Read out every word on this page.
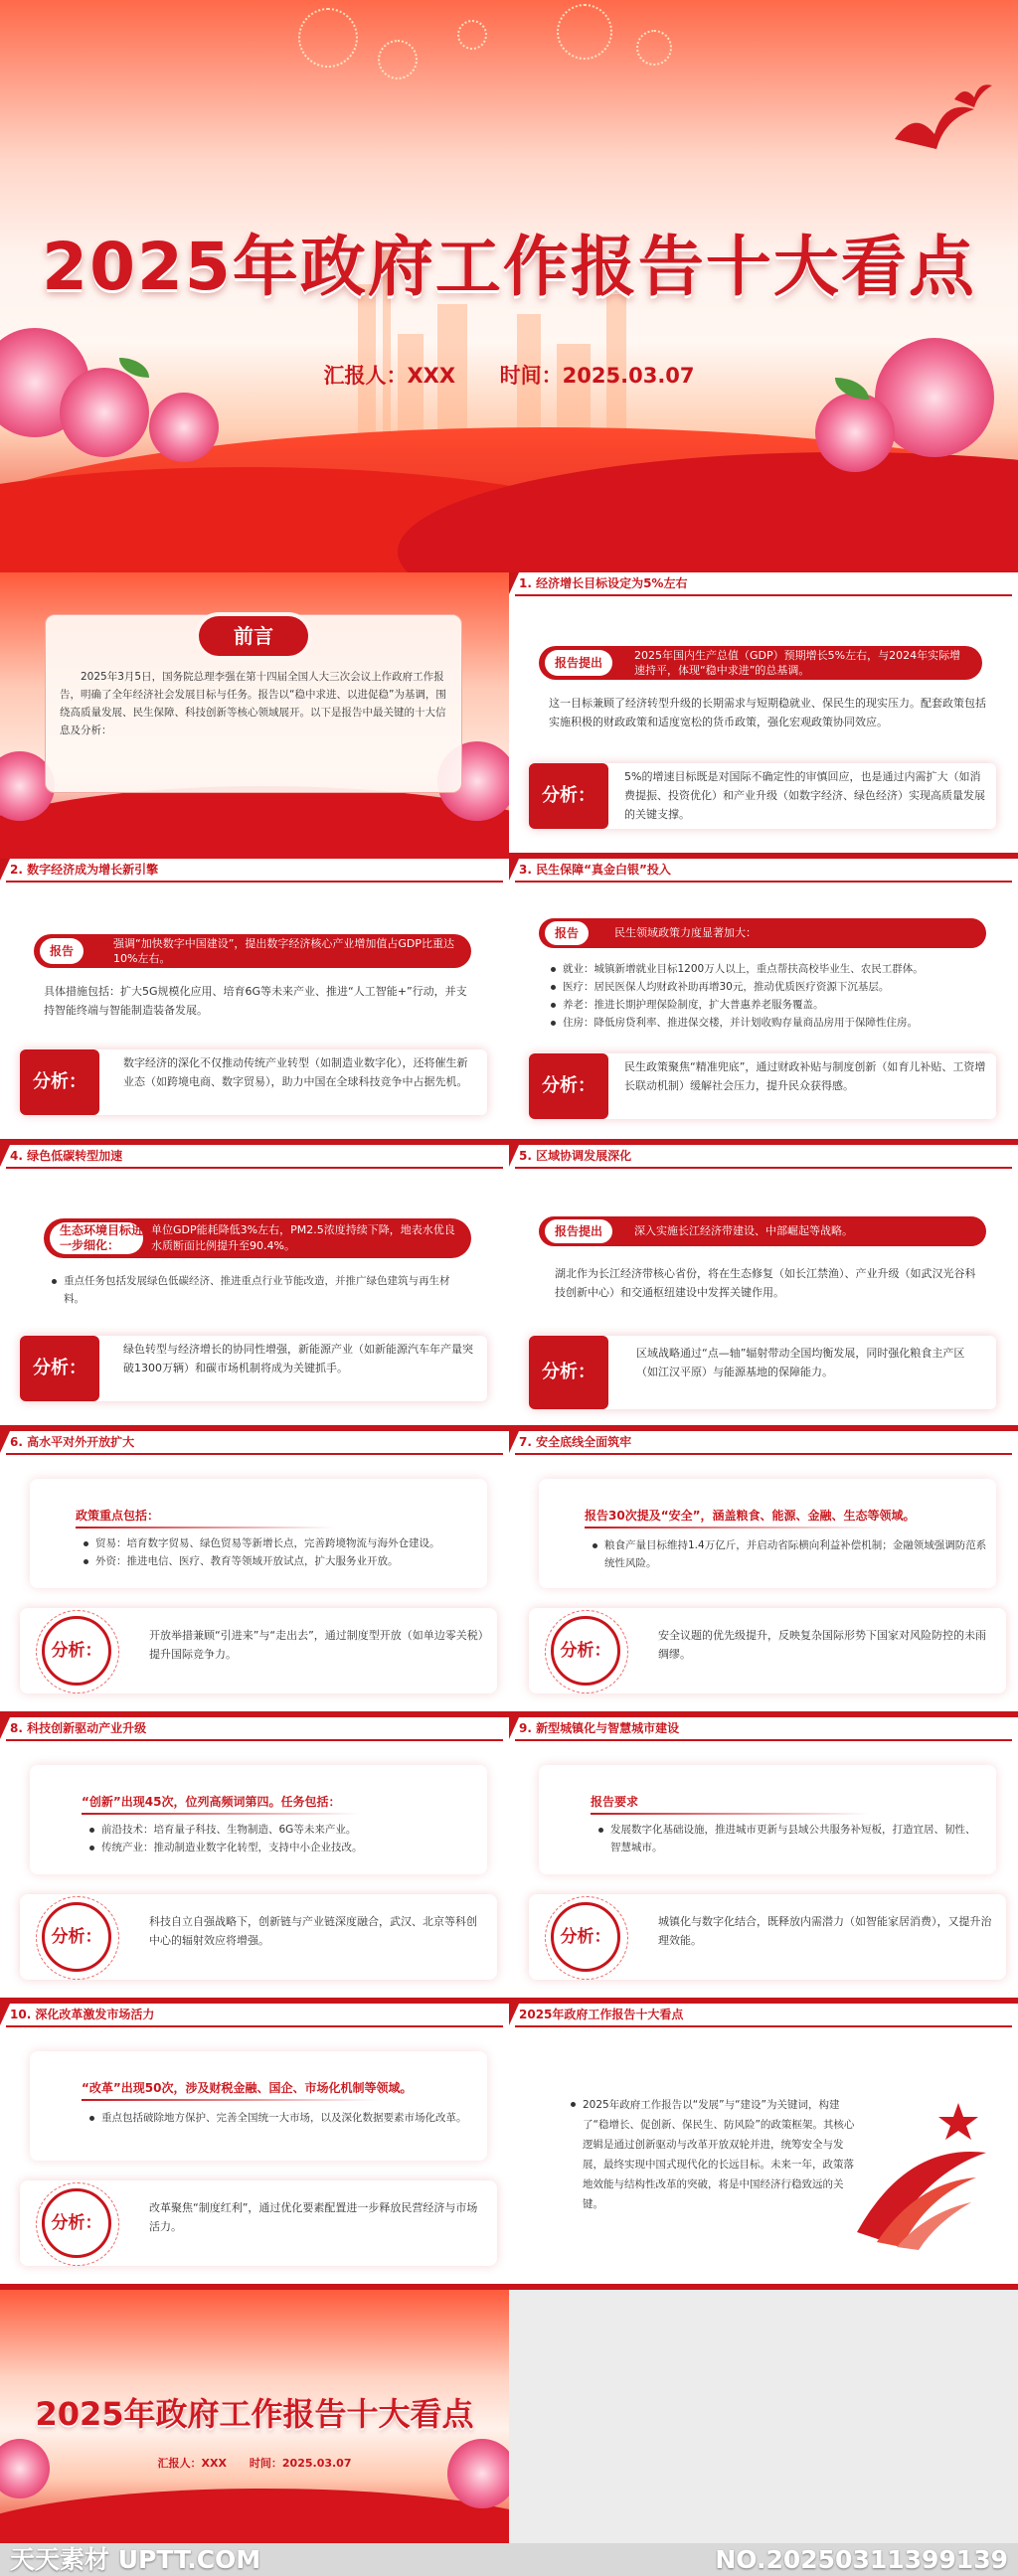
2025年政府工作报告十大看点
汇报人：XXX 时间：2025.03.07
前言
2025年3月5日，国务院总理李强在第十四届全国人大三次会议上作政府工作报告，明确了全年经济社会发展目标与任务。报告以“稳中求进、以进促稳”为基调，围绕高质量发展、民生保障、科技创新等核心领域展开。以下是报告中最关键的十大信息及分析：
1. 经济增长目标设定为5%左右
报告提出
2025年国内生产总值（GDP）预期增长5%左右，与2024年实际增速持平，体现“稳中求进”的总基调。
这一目标兼顾了经济转型升级的长期需求与短期稳就业、保民生的现实压力。配套政策包括实施积极的财政政策和适度宽松的货币政策，强化宏观政策协同效应。
分析：
5%的增速目标既是对国际不确定性的审慎回应，也是通过内需扩大（如消费提振、投资优化）和产业升级（如数字经济、绿色经济）实现高质量发展的关键支撑。
2. 数字经济成为增长新引擎
报告
强调“加快数字中国建设”，提出数字经济核心产业增加值占GDP比重达10%左右。
具体措施包括：扩大5G规模化应用、培育6G等未来产业、推进“人工智能+”行动，并支持智能终端与智能制造装备发展。
分析：
数字经济的深化不仅推动传统产业转型（如制造业数字化），还将催生新业态（如跨境电商、数字贸易），助力中国在全球科技竞争中占据先机。
3. 民生保障“真金白银”投入
报告	民生领域政策力度显著加大：
就业：城镇新增就业目标1200万人以上，重点帮扶高校毕业生、农民工群体。
医疗：居民医保人均财政补助再增30元，推动优质医疗资源下沉基层。
养老：推进长期护理保险制度，扩大普惠养老服务覆盖。
住房：降低房贷利率、推进保交楼，并计划收购存量商品房用于保障性住房。
分析：
民生政策聚焦“精准兜底”，通过财政补贴与制度创新（如育儿补贴、工资增长联动机制）缓解社会压力，提升民众获得感。
4. 绿色低碳转型加速
生态环境目标进一步细化：
单位GDP能耗降低3%左右，PM2.5浓度持续下降，地表水优良水质断面比例提升至90.4%。
重点任务包括发展绿色低碳经济、推进重点行业节能改造，并推广绿色建筑与再生材料。
分析：
绿色转型与经济增长的协同性增强，新能源产业（如新能源汽车年产量突破1300万辆）和碳市场机制将成为关键抓手。
5. 区域协调发展深化
报告提出	深入实施长江经济带建设、中部崛起等战略。
湖北作为长江经济带核心省份，将在生态修复（如长江禁渔）、产业升级（如武汉光谷科技创新中心）和交通枢纽建设中发挥关键作用。
分析：
区域战略通过“点—轴”辐射带动全国均衡发展，同时强化粮食主产区（如江汉平原）与能源基地的保障能力。
6. 高水平对外开放扩大
政策重点包括：
贸易：培育数字贸易、绿色贸易等新增长点，完善跨境物流与海外仓建设。
外资：推进电信、医疗、教育等领域开放试点，扩大服务业开放。
分析：
开放举措兼顾“引进来”与“走出去”，通过制度型开放（如单边零关税）提升国际竞争力。
7. 安全底线全面筑牢
报告30次提及“安全”，涵盖粮食、能源、金融、生态等领域。
粮食产量目标维持1.4万亿斤，并启动省际横向利益补偿机制；金融领域强调防范系统性风险。
分析：
安全议题的优先级提升，反映复杂国际形势下国家对风险防控的未雨绸缪。
8. 科技创新驱动产业升级
“创新”出现45次，位列高频词第四。任务包括：
前沿技术：培育量子科技、生物制造、6G等未来产业。
传统产业：推动制造业数字化转型，支持中小企业技改。
分析：
科技自立自强战略下，创新链与产业链深度融合，武汉、北京等科创中心的辐射效应将增强。
9. 新型城镇化与智慧城市建设
报告要求
发展数字化基础设施，推进城市更新与县域公共服务补短板，打造宜居、韧性、智慧城市。
分析：
城镇化与数字化结合，既释放内需潜力（如智能家居消费），又提升治理效能。
10. 深化改革激发市场活力
“改革”出现50次，涉及财税金融、国企、市场化机制等领域。
重点包括破除地方保护、完善全国统一大市场，以及深化数据要素市场化改革。
分析：
改革聚焦“制度红利”，通过优化要素配置进一步释放民营经济与市场活力。
2025年政府工作报告十大看点
2025年政府工作报告以“发展”与“建设”为关键词，构建了“稳增长、促创新、保民生、防风险”的政策框架。其核心逻辑是通过创新驱动与改革开放双轮并进，统筹安全与发展，最终实现中国式现代化的长远目标。未来一年，政策落地效能与结构性改革的突破，将是中国经济行稳致远的关键。
2025年政府工作报告十大看点
汇报人：XXX      时间：2025.03.07
天天素材 UPTT.COM	NO.20250311399139
